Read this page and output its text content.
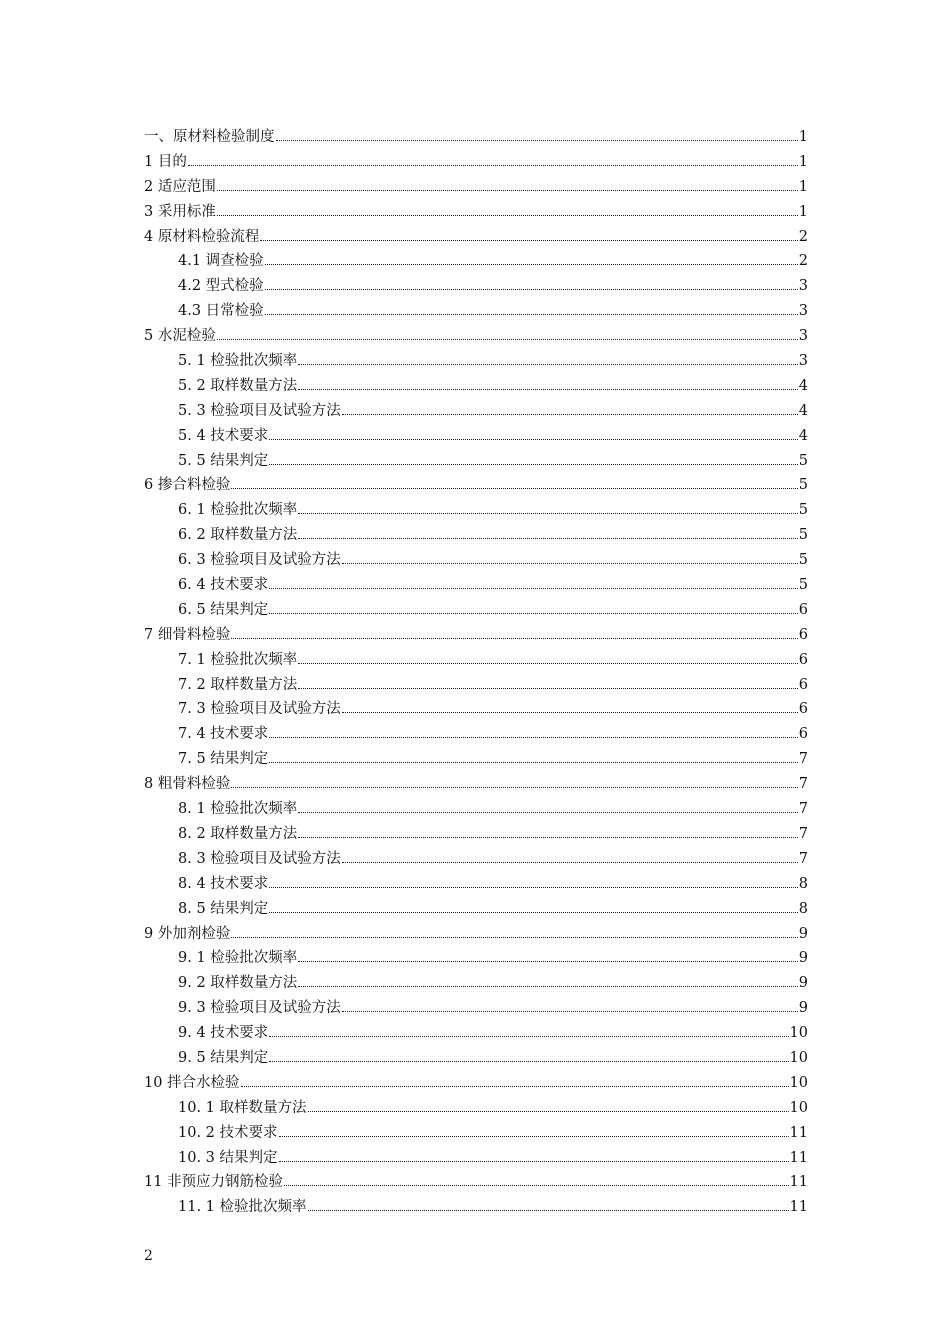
一、原材料检验制度	1
1 目的	1
2 适应范围	1
3 采用标准	1
4 原材料检验流程	2
4.1 调查检验	2
4.2 型式检验	3
4.3 日常检验	3
5 水泥检验	3
5. 1 检验批次频率	3
5. 2 取样数量方法	4
5. 3 检验项目及试验方法	4
5. 4 技术要求	4
5. 5 结果判定	5
6 掺合料检验	5
6. 1 检验批次频率	5
6. 2 取样数量方法	5
6. 3 检验项目及试验方法	5
6. 4 技术要求	5
6. 5 结果判定	6
7 细骨料检验	6
7. 1 检验批次频率	6
7. 2 取样数量方法	6
7. 3 检验项目及试验方法	6
7. 4 技术要求	6
7. 5 结果判定	7
8 粗骨料检验	7
8. 1 检验批次频率	7
8. 2 取样数量方法	7
8. 3 检验项目及试验方法	7
8. 4 技术要求	8
8. 5 结果判定	8
9 外加剂检验	9
9. 1 检验批次频率	9
9. 2 取样数量方法	9
9. 3 检验项目及试验方法	9
9. 4 技术要求	10
9. 5 结果判定	10
10 拌合水检验	10
10. 1 取样数量方法	10
10. 2 技术要求	11
10. 3 结果判定	11
11 非预应力钢筋检验	11
11. 1 检验批次频率	11
2
